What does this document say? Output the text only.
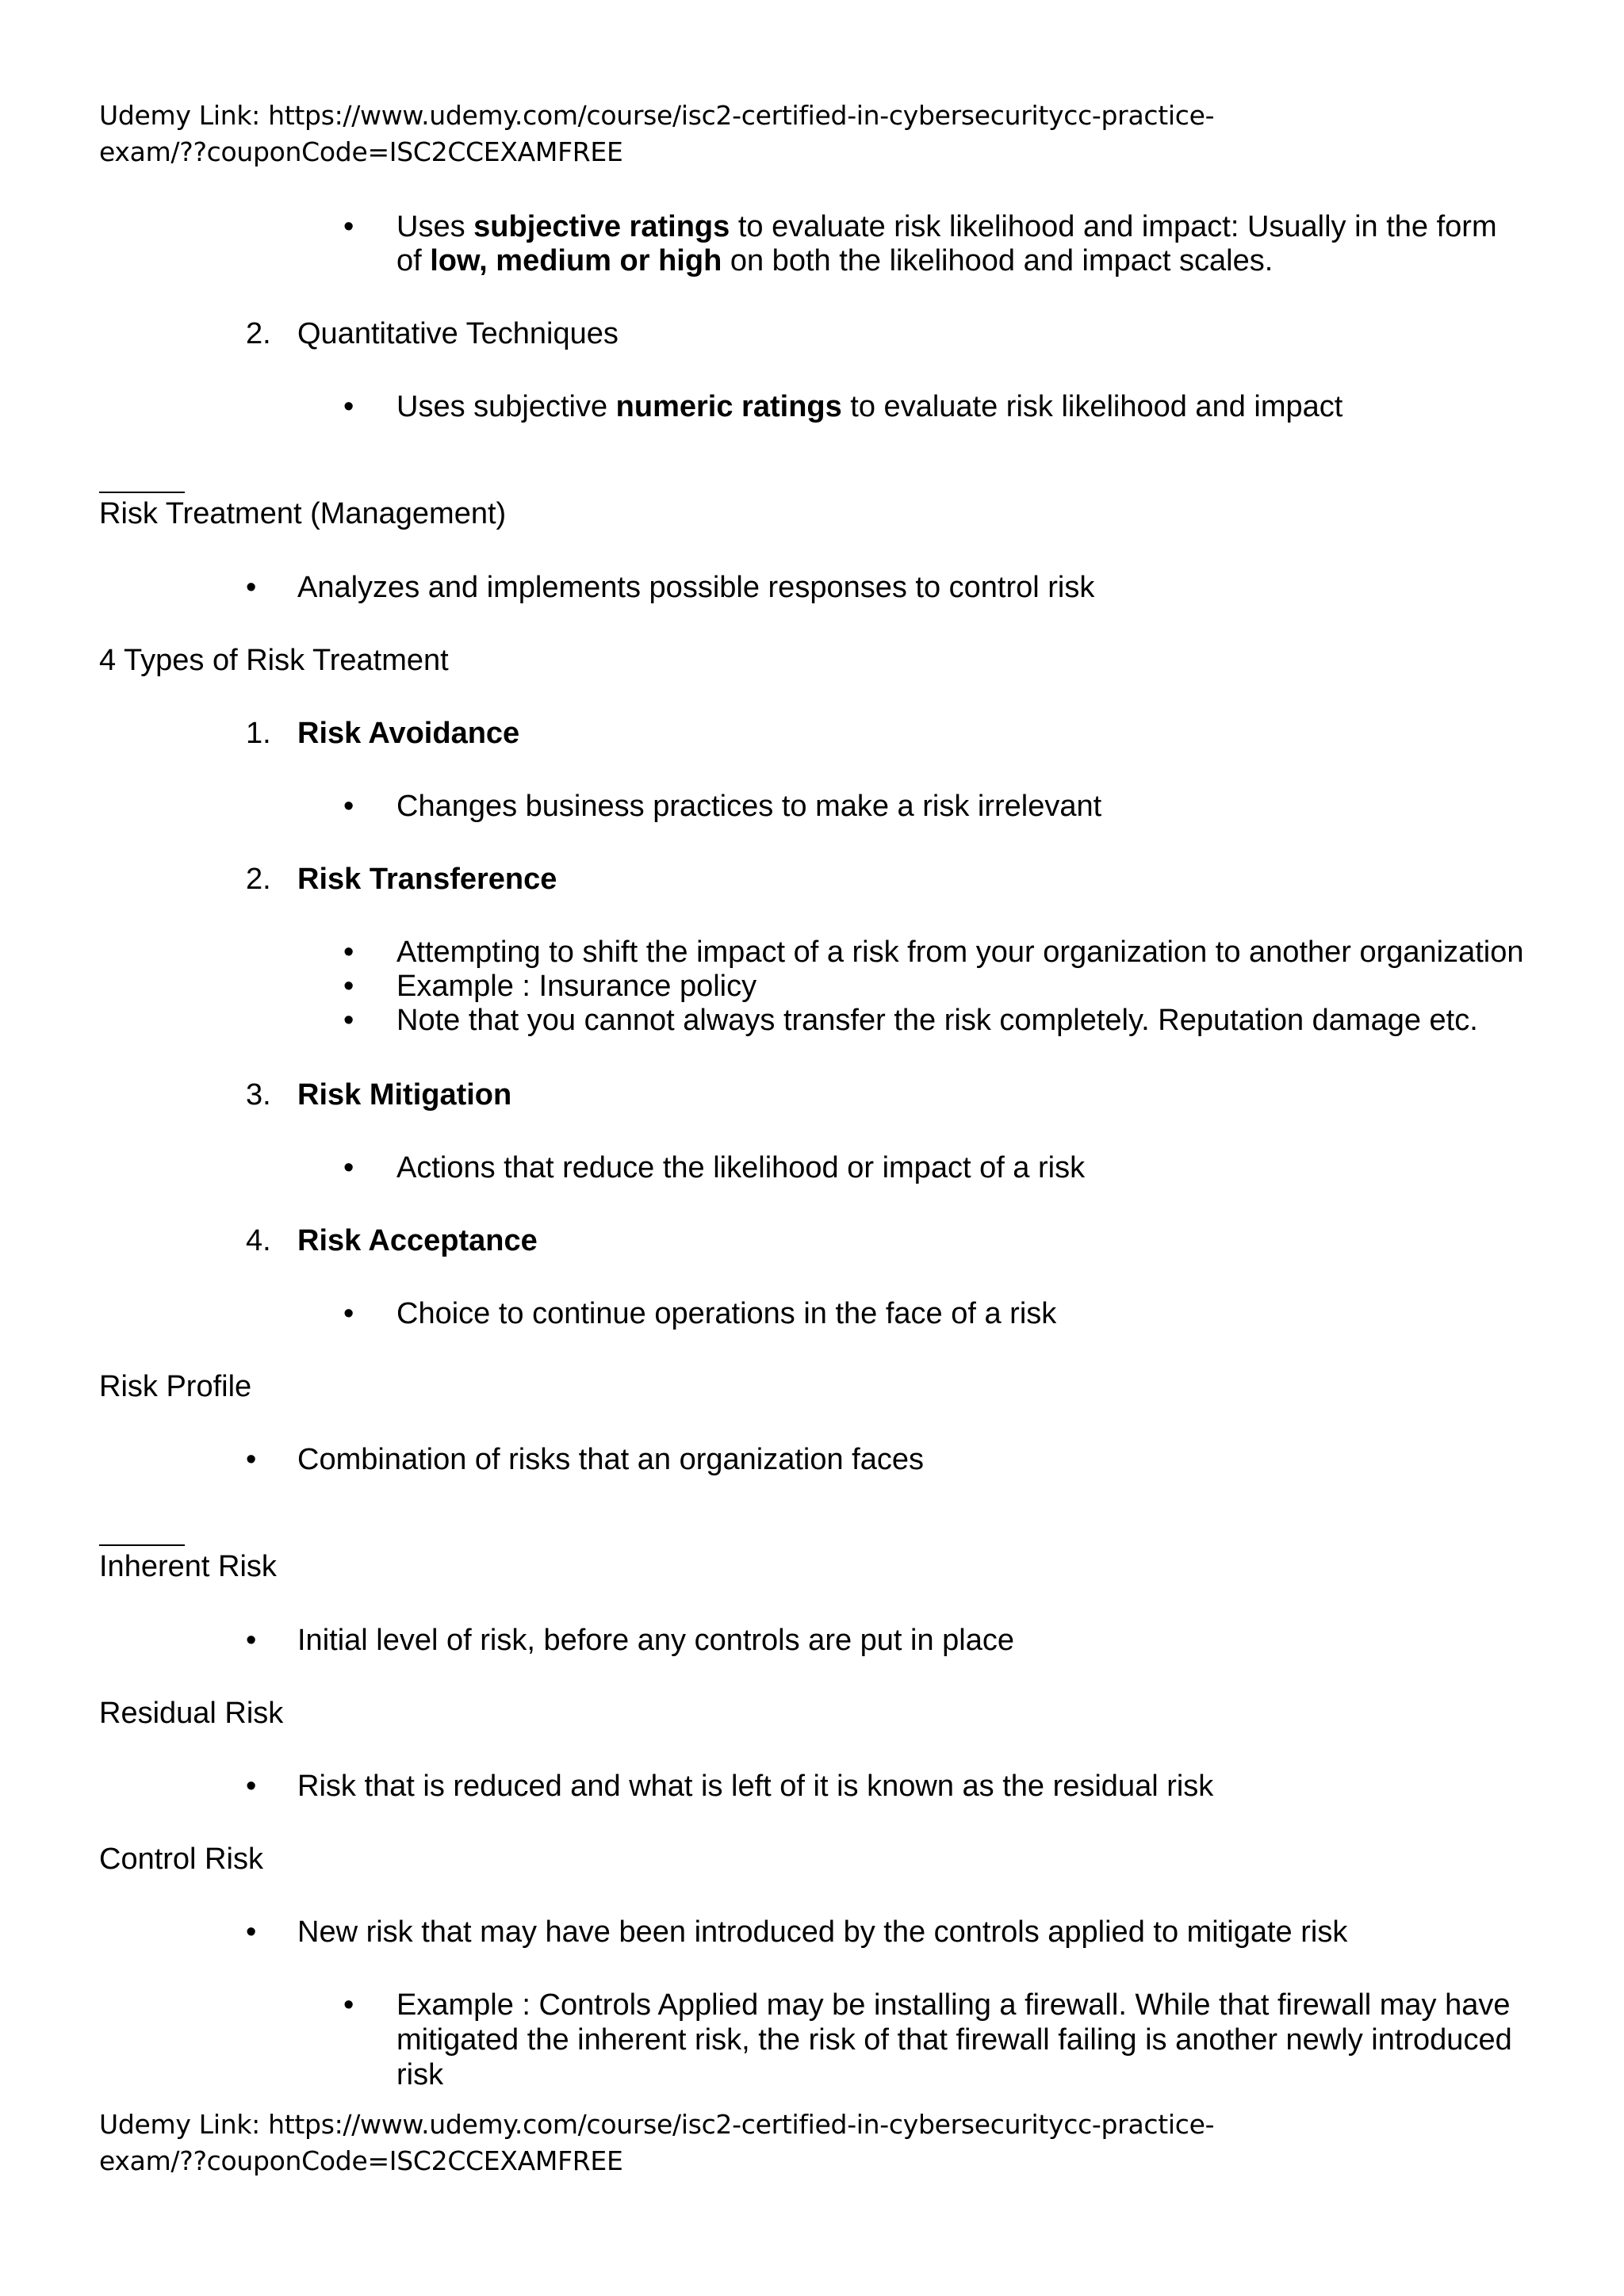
Udemy Link: https://www.udemy.com/course/isc2-certified-in-cybersecuritycc-practice-
exam/??couponCode=ISC2CCEXAMFREE
• Uses subjective ratings to evaluate risk likelihood and impact: Usually in the form
of low, medium or high on both the likelihood and impact scales.
2. Quantitative Techniques
• Uses subjective numeric ratings to evaluate risk likelihood and impact
Risk Treatment (Management)
• Analyzes and implements possible responses to control risk
4 Types of Risk Treatment
1. Risk Avoidance
• Changes business practices to make a risk irrelevant
2. Risk Transference
• Attempting to shift the impact of a risk from your organization to another organization
• Example : Insurance policy
• Note that you cannot always transfer the risk completely. Reputation damage etc.
3. Risk Mitigation
• Actions that reduce the likelihood or impact of a risk
4. Risk Acceptance
• Choice to continue operations in the face of a risk
Risk Profile
• Combination of risks that an organization faces
Inherent Risk
• Initial level of risk, before any controls are put in place
Residual Risk
• Risk that is reduced and what is left of it is known as the residual risk
Control Risk
• New risk that may have been introduced by the controls applied to mitigate risk
• Example : Controls Applied may be installing a firewall. While that firewall may have mitigated the inherent risk, the risk of that firewall failing is another newly introduced risk
Udemy Link: https://www.udemy.com/course/isc2-certified-in-cybersecuritycc-practice-
exam/??couponCode=ISC2CCEXAMFREE
